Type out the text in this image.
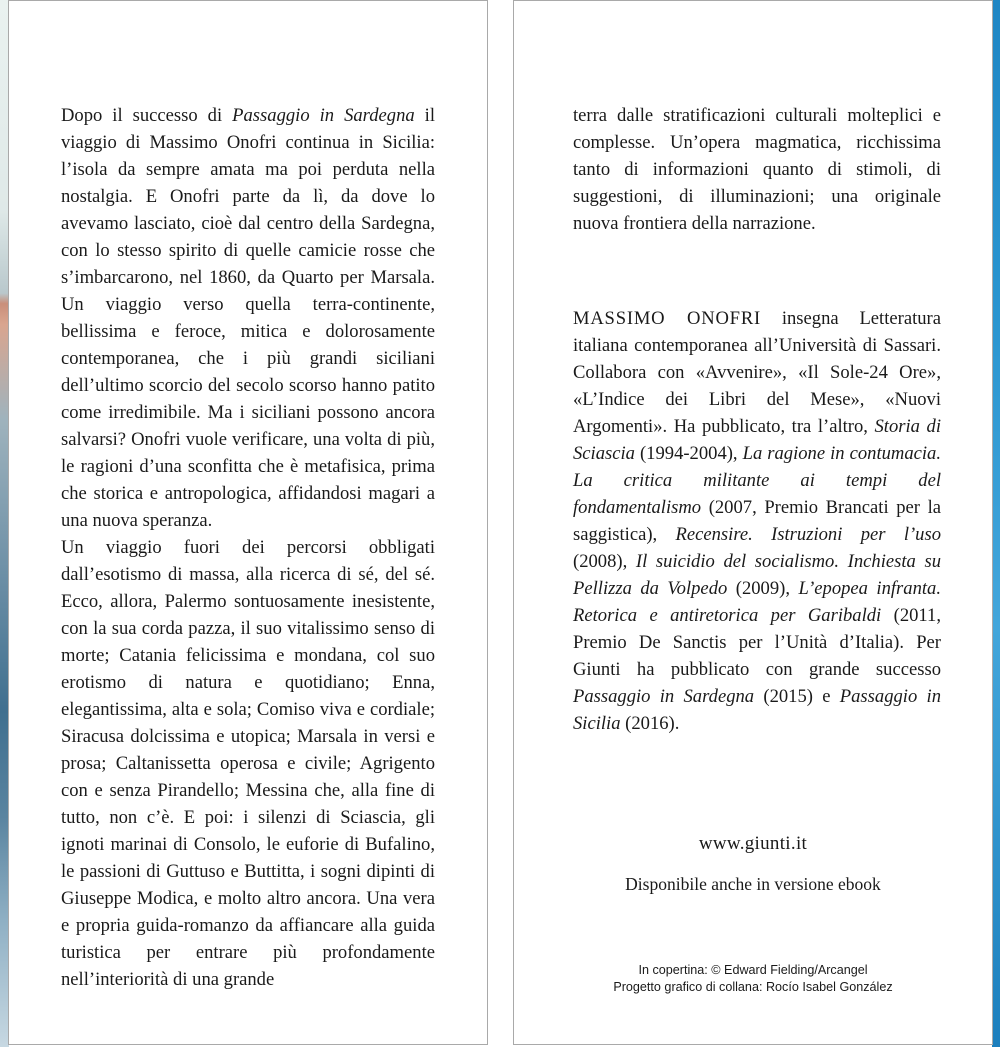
Dopo il successo di Passaggio in Sardegna il viaggio di Massimo Onofri continua in Sicilia: l’isola da sempre amata ma poi perduta nella nostalgia. E Onofri parte da lì, da dove lo avevamo lasciato, cioè dal centro della Sardegna, con lo stesso spirito di quelle camicie rosse che s’imbarcarono, nel 1860, da Quarto per Marsala. Un viaggio verso quella terra-continente, bellissima e feroce, mitica e dolorosamente contemporanea, che i più grandi siciliani dell’ultimo scorcio del secolo scorso hanno patito come irredimibile. Ma i siciliani possono ancora salvarsi? Onofri vuole verificare, una volta di più, le ragioni d’una sconfitta che è metafisica, prima che storica e antropologica, affidandosi magari a una nuova speranza.

Un viaggio fuori dei percorsi obbligati dall’esotismo di massa, alla ricerca di sé, del sé. Ecco, allora, Palermo sontuosamente inesistente, con la sua corda pazza, il suo vitalissimo senso di morte; Catania felicissima e mondana, col suo erotismo di natura e quotidiano; Enna, elegantissima, alta e sola; Comiso viva e cordiale; Siracusa dolcissima e utopica; Marsala in versi e prosa; Caltanissetta operosa e civile; Agrigento con e senza Pirandello; Messina che, alla fine di tutto, non c’è. E poi: i silenzi di Sciascia, gli ignoti marinai di Consolo, le euforie di Bufalino, le passioni di Guttuso e Buttitta, i sogni dipinti di Giuseppe Modica, e molto altro ancora. Una vera e propria guida-romanzo da affiancare alla guida turistica per entrare più profondamente nell’interiorità di una grande

terra dalle stratificazioni culturali molteplici e complesse. Un’opera magmatica, ricchissima tanto di informazioni quanto di stimoli, di suggestioni, di illuminazioni; una originale nuova frontiera della narrazione.

MASSIMO ONOFRI insegna Letteratura italiana contemporanea all’Università di Sassari. Collabora con «Avvenire», «Il Sole-24 Ore», «L’Indice dei Libri del Mese», «Nuovi Argomenti». Ha pubblicato, tra l’altro, Storia di Sciascia (1994-2004), La ragione in contumacia. La critica militante ai tempi del fondamentalismo (2007, Premio Brancati per la saggistica), Recensire. Istruzioni per l’uso (2008), Il suicidio del socialismo. Inchiesta su Pellizza da Volpedo (2009), L’epopea infranta. Retorica e antiretorica per Garibaldi (2011, Premio De Sanctis per l’Unità d’Italia). Per Giunti ha pubblicato con grande successo Passaggio in Sardegna (2015) e Passaggio in Sicilia (2016).

www.giunti.it
Disponibile anche in versione ebook
In copertina: © Edward Fielding/Arcangel
Progetto grafico di collana: Rocío Isabel González
